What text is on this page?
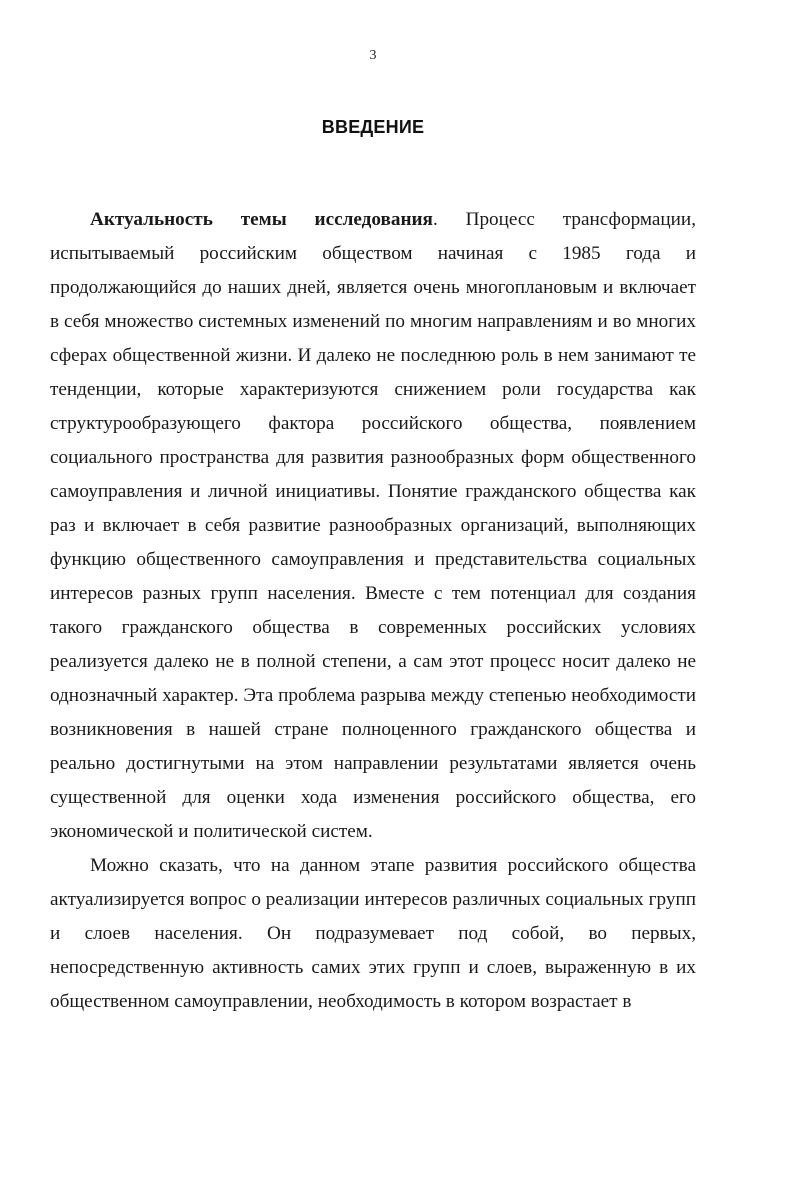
3
ВВЕДЕНИЕ

Актуальность темы исследования. Процесс трансформации, испытываемый российским обществом начиная с 1985 года и продолжающийся до наших дней, является очень многоплановым и включает в себя множество системных изменений по многим направлениям и во многих сферах общественной жизни. И далеко не последнюю роль в нем занимают те тенденции, которые характеризуются снижением роли государства как структурообразующего фактора российского общества, появлением социального пространства для развития разнообразных форм общественного самоуправления и личной инициативы. Понятие гражданского общества как раз и включает в себя развитие разнообразных организаций, выполняющих функцию общественного самоуправления и представительства социальных интересов разных групп населения. Вместе с тем потенциал для создания такого гражданского общества в современных российских условиях реализуется далеко не в полной степени, а сам этот процесс носит далеко не однозначный характер. Эта проблема разрыва между степенью необходимости возникновения в нашей стране полноценного гражданского общества и реально достигнутыми на этом направлении результатами является очень существенной для оценки хода изменения российского общества, его экономической и политической систем.

Можно сказать, что на данном этапе развития российского общества актуализируется вопрос о реализации интересов различных социальных групп и слоев населения. Он подразумевает под собой, во первых, непосредственную активность самих этих групп и слоев, выраженную в их общественном самоуправлении, необходимость в котором возрастает в
